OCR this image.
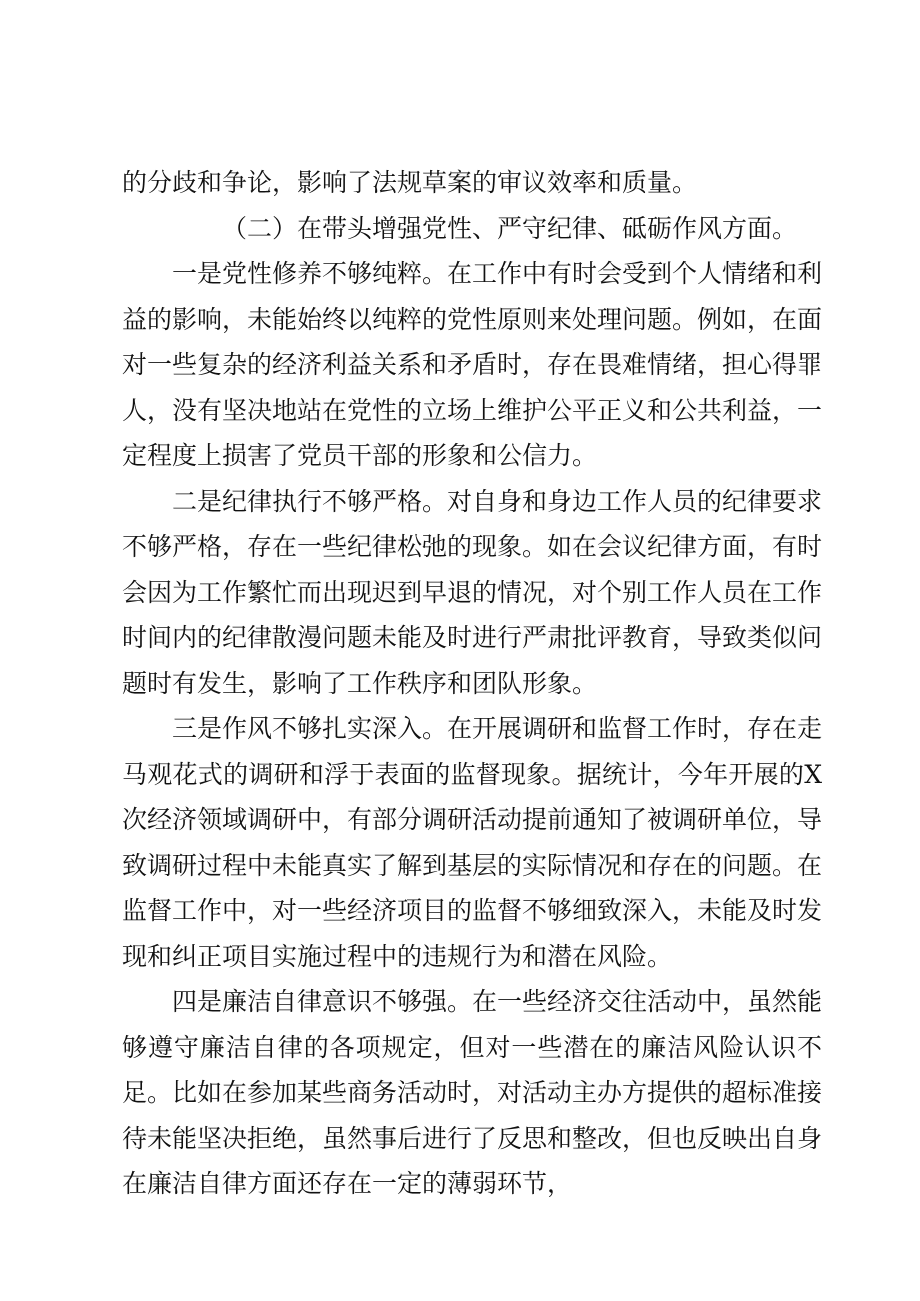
的分歧和争论，影响了法规草案的审议效率和质量。

（二）在带头增强党性、严守纪律、砥砺作风方面。

一是党性修养不够纯粹。在工作中有时会受到个人情绪和利益的影响，未能始终以纯粹的党性原则来处理问题。例如，在面对一些复杂的经济利益关系和矛盾时，存在畏难情绪，担心得罪人，没有坚决地站在党性的立场上维护公平正义和公共利益，一定程度上损害了党员干部的形象和公信力。

二是纪律执行不够严格。对自身和身边工作人员的纪律要求不够严格，存在一些纪律松弛的现象。如在会议纪律方面，有时会因为工作繁忙而出现迟到早退的情况，对个别工作人员在工作时间内的纪律散漫问题未能及时进行严肃批评教育，导致类似问题时有发生，影响了工作秩序和团队形象。

三是作风不够扎实深入。在开展调研和监督工作时，存在走马观花式的调研和浮于表面的监督现象。据统计，今年开展的X次经济领域调研中，有部分调研活动提前通知了被调研单位，导致调研过程中未能真实了解到基层的实际情况和存在的问题。在监督工作中，对一些经济项目的监督不够细致深入，未能及时发现和纠正项目实施过程中的违规行为和潜在风险。

四是廉洁自律意识不够强。在一些经济交往活动中，虽然能够遵守廉洁自律的各项规定，但对一些潜在的廉洁风险认识不足。比如在参加某些商务活动时，对活动主办方提供的超标准接待未能坚决拒绝，虽然事后进行了反思和整改，但也反映出自身在廉洁自律方面还存在一定的薄弱环节，
